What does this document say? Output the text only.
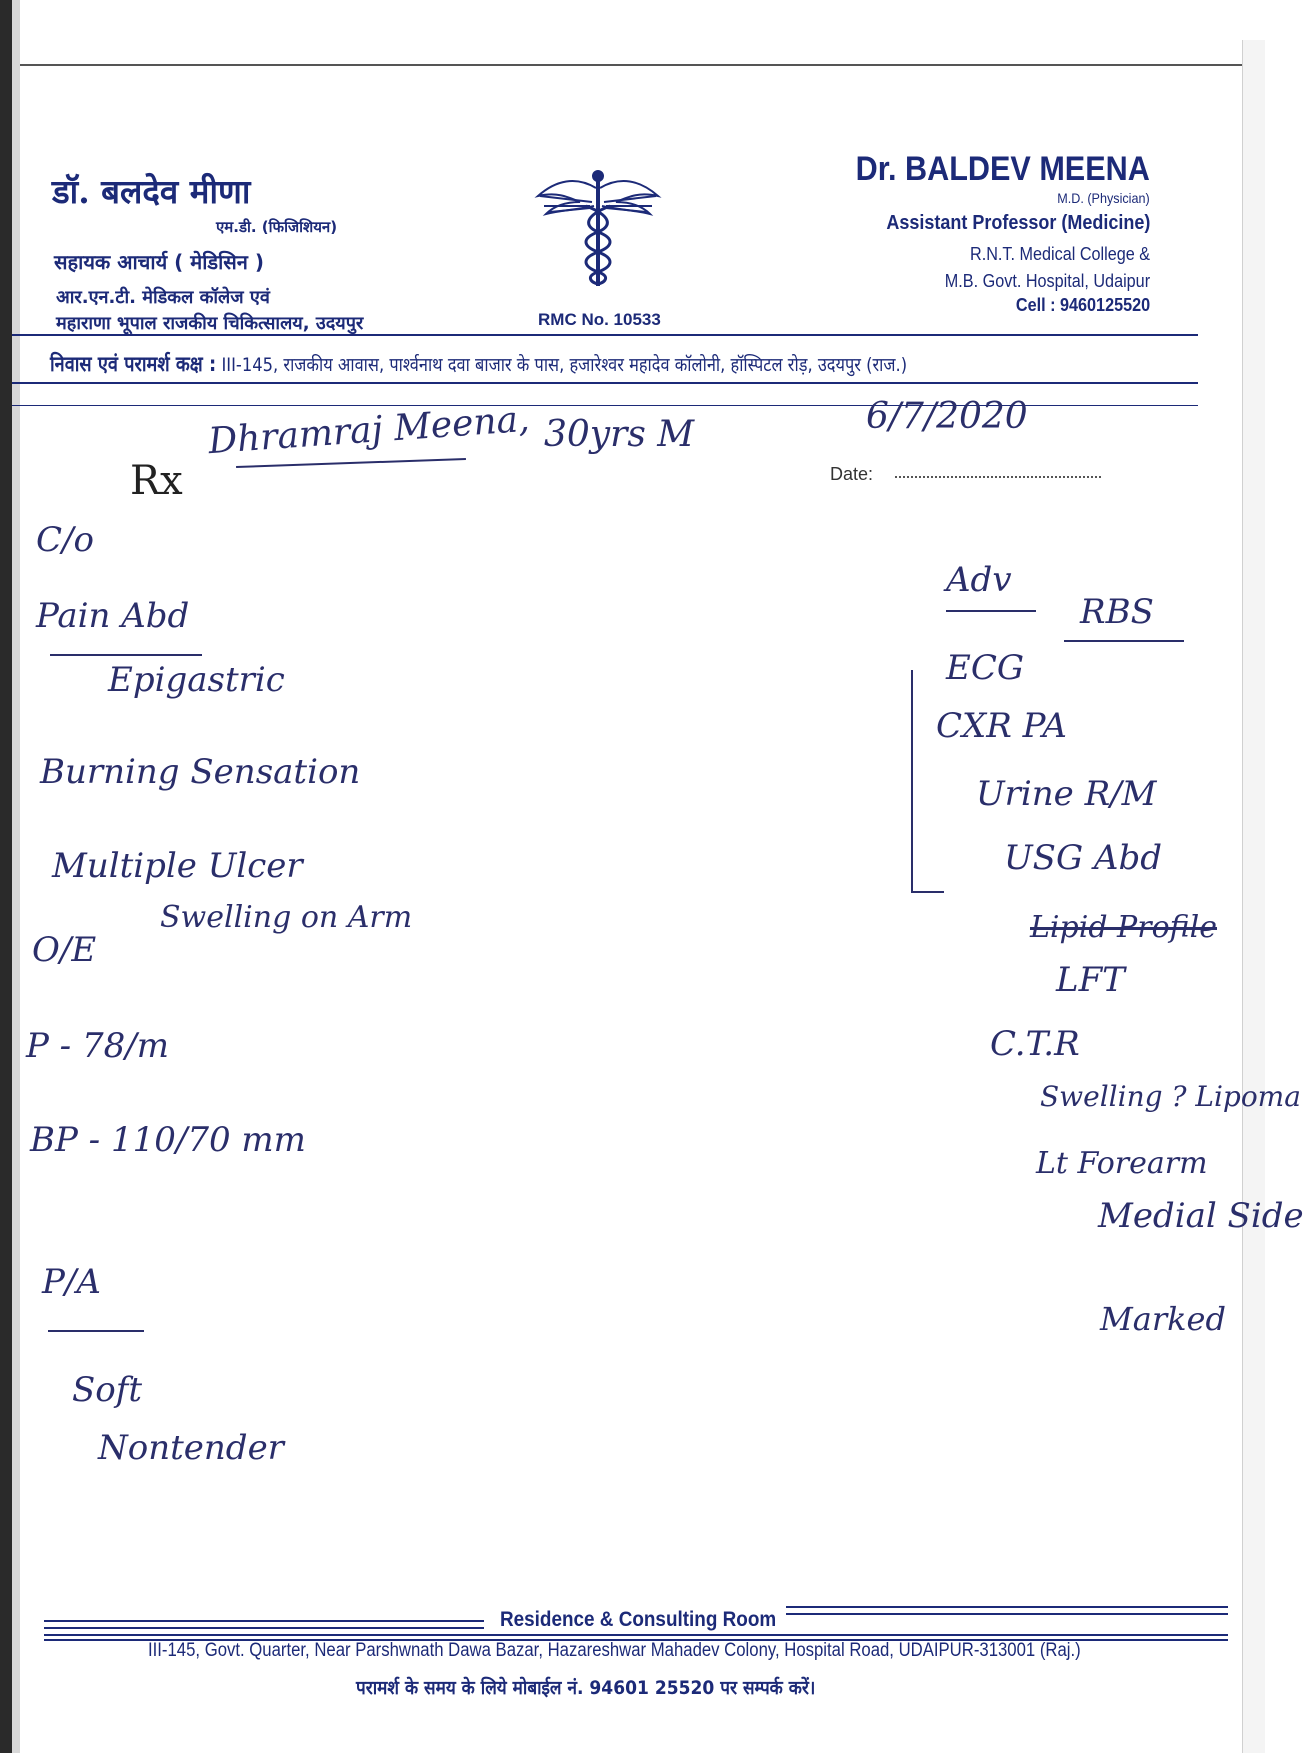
डॉ. बलदेव मीणा
एम.डी. (फिजिशियन)
सहायक आचार्य ( मेडिसिन )
आर.एन.टी. मेडिकल कॉलेज एवं
महाराणा भूपाल राजकीय चिकित्सालय, उदयपुर	RMC No. 10533
Dr. BALDEV MEENA
M.D. (Physician)
Assistant Professor (Medicine)
R.N.T. Medical College &
M.B. Govt. Hospital, Udaipur
Cell : 9460125520
निवास एवं परामर्श कक्ष : III-145, राजकीय आवास, पार्श्वनाथ दवा बाजार के पास, हजारेश्वर महादेव कॉलोनी, हॉस्पिटल रोड़, उदयपुर (राज.)
Dhramraj Meena, 30yrs M	6/7/2020
Rx	Date:
C/o
Pain Abd
Epigastric
Burning Sensation
Multiple Ulcer
Swelling on Arm
O/E
P - 78/m
BP - 110/70 mm
P/A
Soft
Nontender
Adv
RBS
ECG
CXR PA
Urine R/M
USG Abd
Lipid Profile
LFT
C.T.R
Swelling ? Lipoma
Lt Forearm
Medial Side
Marked
Residence & Consulting Room
III-145, Govt. Quarter, Near Parshwnath Dawa Bazar, Hazareshwar Mahadev Colony, Hospital Road, UDAIPUR-313001 (Raj.)
परामर्श के समय के लिये मोबाईल नं. 94601 25520 पर सम्पर्क करें।
